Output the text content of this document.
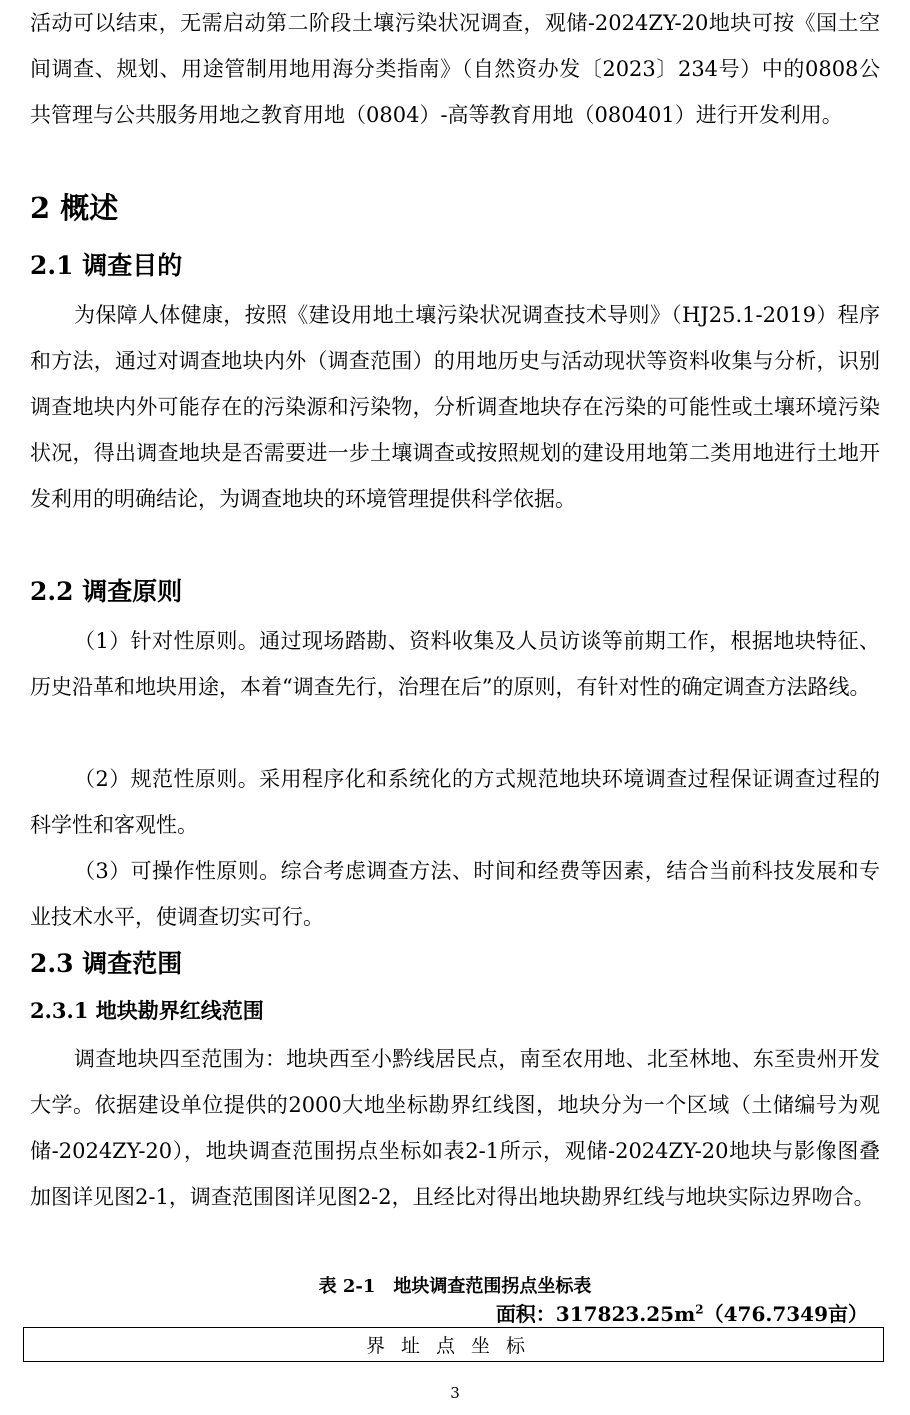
活动可以结束，无需启动第二阶段土壤污染状况调查，观储-2024ZY-20地块可按《国土空间调查、规划、用途管制用地用海分类指南》（自然资办发〔2023〕234号）中的0808公共管理与公共服务用地之教育用地（0804）-高等教育用地（080401）进行开发利用。

2 概述
2.1 调查目的

为保障人体健康，按照《建设用地土壤污染状况调查技术导则》（HJ25.1-2019）程序和方法，通过对调查地块内外（调查范围）的用地历史与活动现状等资料收集与分析，识别调查地块内外可能存在的污染源和污染物，分析调查地块存在污染的可能性或土壤环境污染状况，得出调查地块是否需要进一步土壤调查或按照规划的建设用地第二类用地进行土地开发利用的明确结论，为调查地块的环境管理提供科学依据。

2.2 调查原则

（1）针对性原则。通过现场踏勘、资料收集及人员访谈等前期工作，根据地块特征、历史沿革和地块用途，本着“调查先行，治理在后”的原则，有针对性的确定调查方法路线。

（2）规范性原则。采用程序化和系统化的方式规范地块环境调查过程保证调查过程的科学性和客观性。

（3）可操作性原则。综合考虑调查方法、时间和经费等因素，结合当前科技发展和专业技术水平，使调查切实可行。

2.3 调查范围
2.3.1 地块勘界红线范围

调查地块四至范围为：地块西至小黔线居民点，南至农用地、北至林地、东至贵州开发大学。依据建设单位提供的2000大地坐标勘界红线图，地块分为一个区域（土储编号为观储-2024ZY-20），地块调查范围拐点坐标如表2-1所示，观储-2024ZY-20地块与影像图叠加图详见图2-1，调查范围图详见图2-2，且经比对得出地块勘界红线与地块实际边界吻合。

表 2-1　地块调查范围拐点坐标表
面积：$317823.25m^2(476.7349$亩）
界址点坐标
3
